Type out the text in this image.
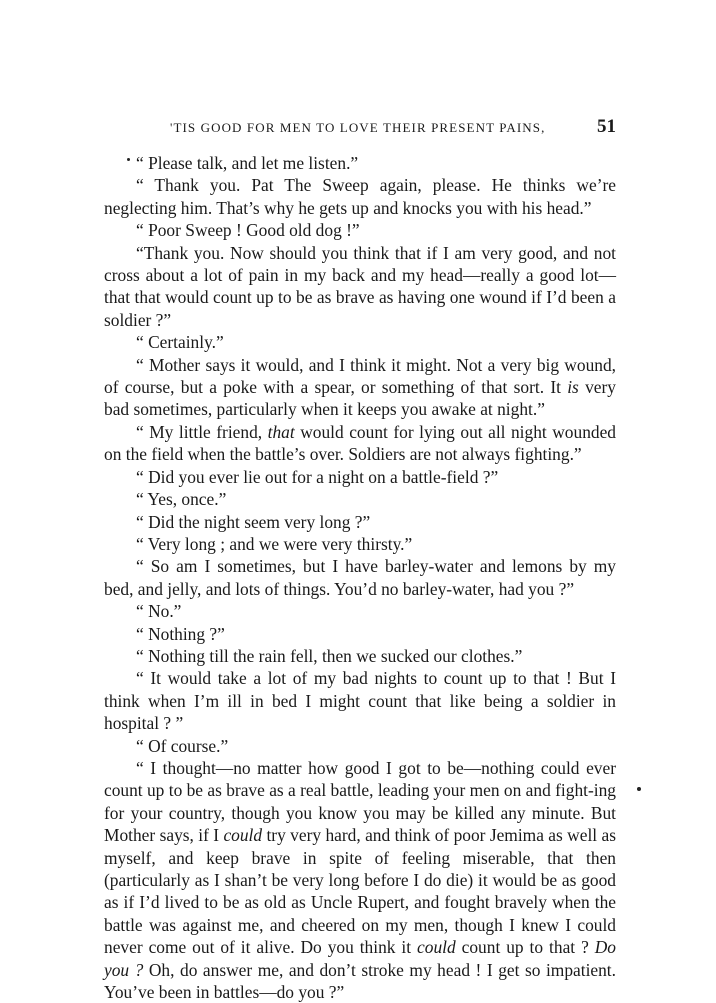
'TIS GOOD FOR MEN TO LOVE THEIR PRESENT PAINS,	51

“ Please talk, and let me listen.”

“ Thank you. Pat The Sweep again, please. He thinks we’re neglecting him. That’s why he gets up and knocks you with his head.”

“ Poor Sweep ! Good old dog !”

“Thank you. Now should you think that if I am very good, and not cross about a lot of pain in my back and my head—really a good lot—that that would count up to be as brave as having one wound if I’d been a soldier ?”

“ Certainly.”

“ Mother says it would, and I think it might. Not a very big wound, of course, but a poke with a spear, or something of that sort. It is very bad sometimes, particularly when it keeps you awake at night.”

“ My little friend, that would count for lying out all night wounded on the field when the battle’s over. Soldiers are not always fighting.”

“ Did you ever lie out for a night on a battle-field ?”

“ Yes, once.”

“ Did the night seem very long ?”

“ Very long ; and we were very thirsty.”

“ So am I sometimes, but I have barley-water and lemons by my bed, and jelly, and lots of things. You’d no barley-water, had you ?”

“ No.”

“ Nothing ?”

“ Nothing till the rain fell, then we sucked our clothes.”

“ It would take a lot of my bad nights to count up to that ! But I think when I’m ill in bed I might count that like being a soldier in hospital ? ”

“ Of course.”

“ I thought—no matter how good I got to be—nothing could ever count up to be as brave as a real battle, leading your men on and fight-ing for your country, though you know you may be killed any minute. But Mother says, if I could try very hard, and think of poor Jemima as well as myself, and keep brave in spite of feeling miserable, that then (particularly as I shan’t be very long before I do die) it would be as good as if I’d lived to be as old as Uncle Rupert, and fought bravely when the battle was against me, and cheered on my men, though I knew I could never come out of it alive. Do you think it could count up to that ? Do you ? Oh, do answer me, and don’t stroke my head ! I get so impatient. You’ve been in battles—do you ?”
